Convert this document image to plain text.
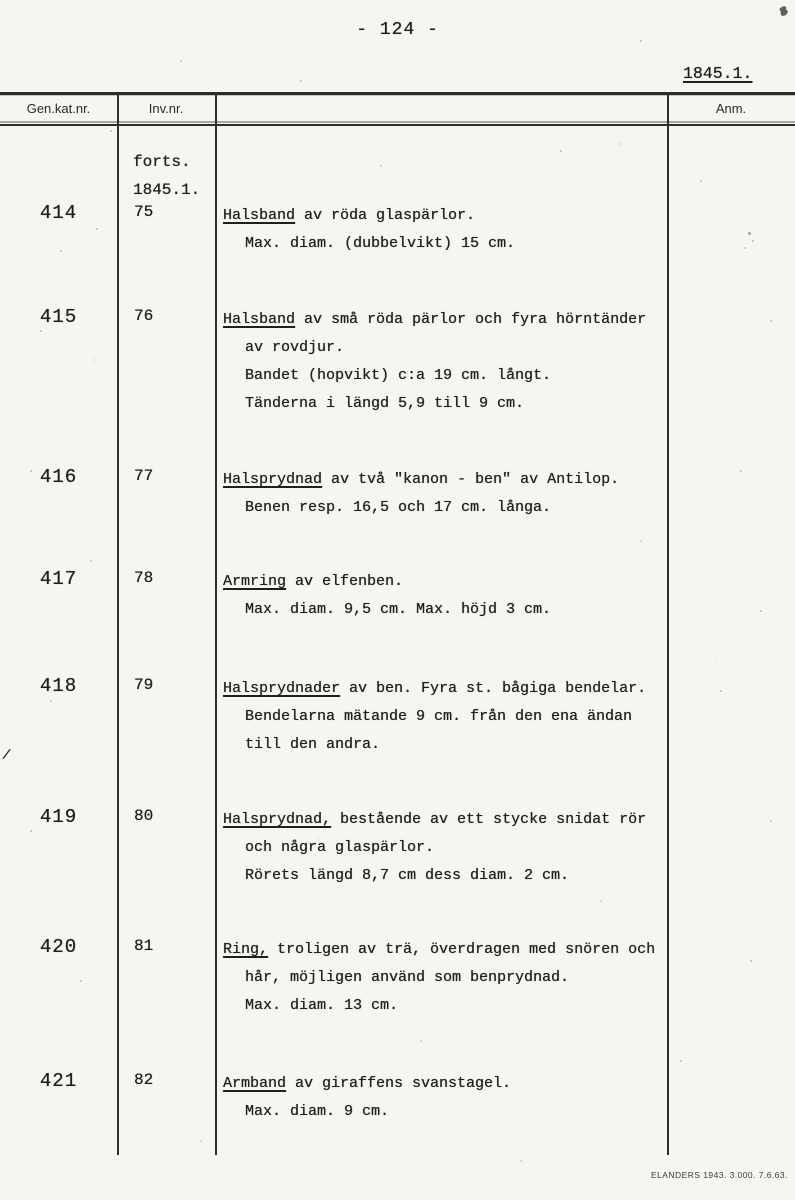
- 124 -
1845.1.
Gen.kat.nr.	Inv.nr.	Anm.
forts.
1845.1.
414	75	Halsband av röda glaspärlor.
Max. diam. (dubbelvikt) 15 cm.
415	76	Halsband av små röda pärlor och fyra hörntänder
av rovdjur.
Bandet (hopvikt) c:a 19 cm. långt.
Tänderna i längd 5,9 till 9 cm.
416	77	Halsprydnad av två "kanon - ben" av Antilop.
Benen resp. 16,5 och 17 cm. långa.
417	78	Armring av elfenben.
Max. diam. 9,5 cm. Max. höjd 3 cm.
418	79	Halsprydnader av ben. Fyra st. bågiga bendelar.
Bendelarna mätande 9 cm. från den ena ändan
till den andra.
419	80	Halsprydnad, bestående av ett stycke snidat rör
och några glaspärlor.
Rörets längd 8,7 cm dess diam. 2 cm.
420	81	Ring, troligen av trä, överdragen med snören och
hår, möjligen använd som benprydnad.
Max. diam. 13 cm.
421	82	Armband av giraffens svanstagel.
Max. diam. 9 cm.
/
ELANDERS 1943. 3.000. 7.6.63.
